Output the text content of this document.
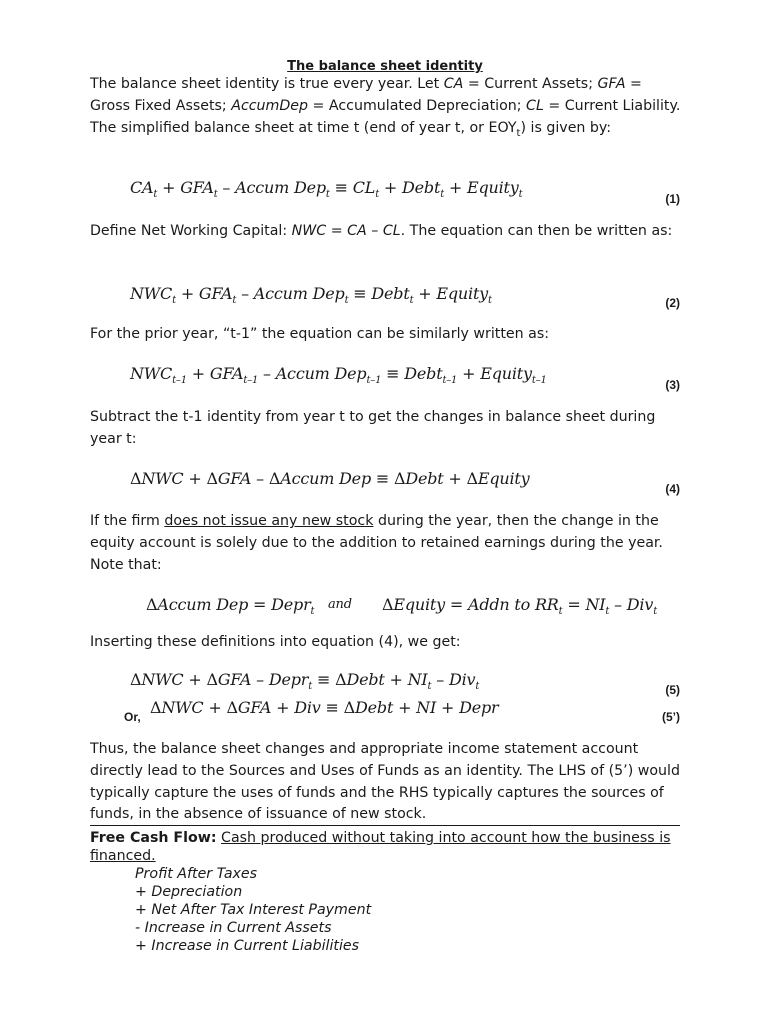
The balance sheet identity

The balance sheet identity is true every year. Let CA = Current Assets; GFA = Gross Fixed Assets; AccumDep = Accumulated Depreciation; CL = Current Liability. The simplified balance sheet at time t (end of year t, or $EOY_t$) is given by:

$CA_t + GFA_t$ – Accum $Dep_t \equiv CL_t$ + Debt$_t$ + Equity$_t$	(1)

Define Net Working Capital: NWC = CA – CL. The equation can then be written as:

$NWC_t + GFA_t$ – Accum Dep$_t$ ≡ Debt$_t$ + Equity$_t$	(2)

For the prior year, “t-1” the equation can be similarly written as:

$NWC_{t-1} + GFA_{t-1}$ – Accum Dep$_{t-1}$ ≡ Debt$_{t-1}$ + Equity$_{t-1}$	(3)

Subtract the t-1 identity from year t to get the changes in balance sheet during year t:

ΔNWC + ΔGFA – ΔAccum Dep ≡ ΔDebt + ΔEquity
(4)

If the firm does not issue any new stock during the year, then the change in the equity account is solely due to the addition to retained earnings during the year. Note that:

ΔAccum Dep = Depr$_t$ and ΔEquity = Addn to $RR_t = NI_t - Div_t$

Inserting these definitions into equation (4), we get:

ΔNWC + ΔGFA – Depr$_t$ ≡ ΔDebt + $NI_t - Div_t$	(5)
Or, ΔNWC + ΔGFA + Div ≡ ΔDebt + NI + Depr	(5’)

Thus, the balance sheet changes and appropriate income statement account directly lead to the Sources and Uses of Funds as an identity. The LHS of (5’) would typically capture the uses of funds and the RHS typically captures the sources of funds, in the absence of issuance of new stock.

Free Cash Flow: Cash produced without taking into account how the business is financed.
Profit After Taxes
+ Depreciation
+ Net After Tax Interest Payment
- Increase in Current Assets
+ Increase in Current Liabilities
